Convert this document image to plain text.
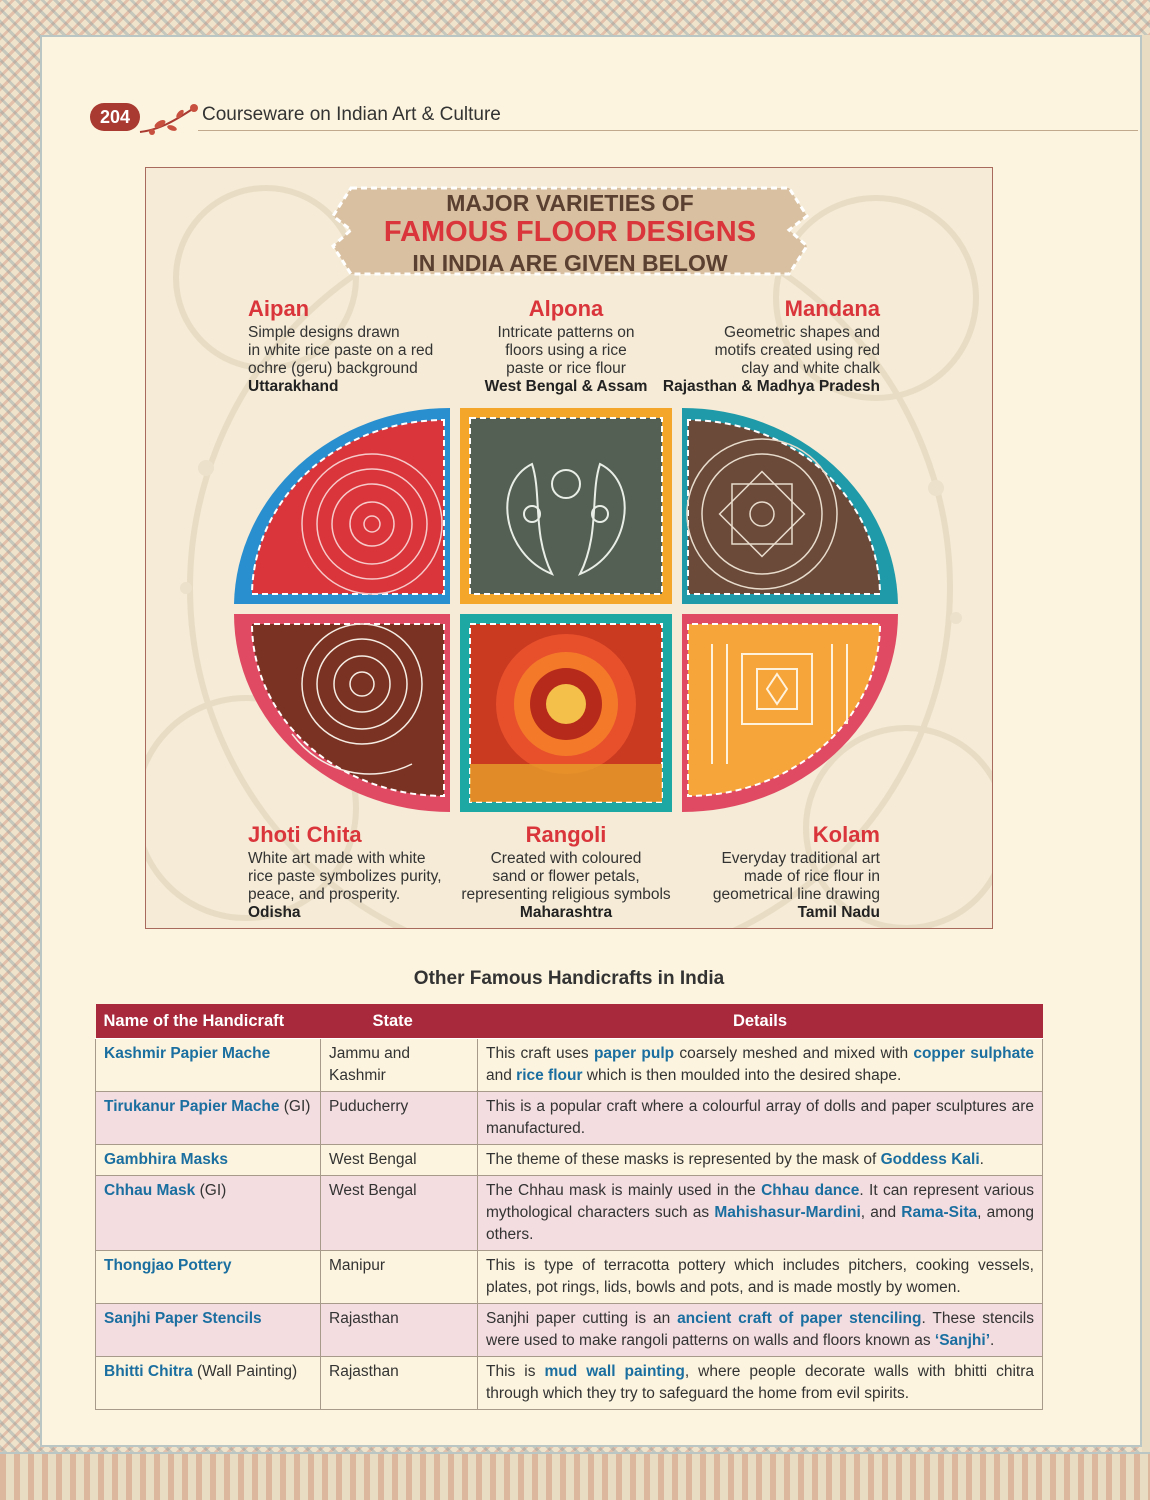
204	Courseware on Indian Art & Culture
MAJOR VARIETIES OF
FAMOUS FLOOR DESIGNS
IN INDIA ARE GIVEN BELOW
Aipan
Simple designs drawn
in white rice paste on a red
ochre (geru) background
Uttarakhand
Alpona
Intricate patterns on
floors using a rice
paste or rice flour
West Bengal & Assam
Mandana
Geometric shapes and
motifs created using red
clay and white chalk
Rajasthan & Madhya Pradesh
Jhoti Chita
White art made with white
rice paste symbolizes purity,
peace, and prosperity.
Odisha
Rangoli
Created with coloured
sand or flower petals,
representing religious symbols
Maharashtra
Kolam
Everyday traditional art
made of rice flour in
geometrical line drawing
Tamil Nadu
Other Famous Handicrafts in India
Name of the Handicraft	State	Details
Kashmir Papier Mache	Jammu and Kashmir	This craft uses paper pulp coarsely meshed and mixed with copper sulphate and rice flour which is then moulded into the desired shape.
Tirukanur Papier Mache (GI)	Puducherry	This is a popular craft where a colourful array of dolls and paper sculptures are manufactured.
Gambhira Masks	West Bengal	The theme of these masks is represented by the mask of Goddess Kali.
Chhau Mask (GI)	West Bengal	The Chhau mask is mainly used in the Chhau dance. It can represent various mythological characters such as Mahishasur-Mardini, and Rama-Sita, among others.
Thongjao Pottery	Manipur	This is type of terracotta pottery which includes pitchers, cooking vessels, plates, pot rings, lids, bowls and pots, and is made mostly by women.
Sanjhi Paper Stencils	Rajasthan	Sanjhi paper cutting is an ancient craft of paper stenciling. These stencils were used to make rangoli patterns on walls and floors known as ‘Sanjhi’.
Bhitti Chitra (Wall Painting)	Rajasthan	This is mud wall painting, where people decorate walls with bhitti chitra through which they try to safeguard the home from evil spirits.
